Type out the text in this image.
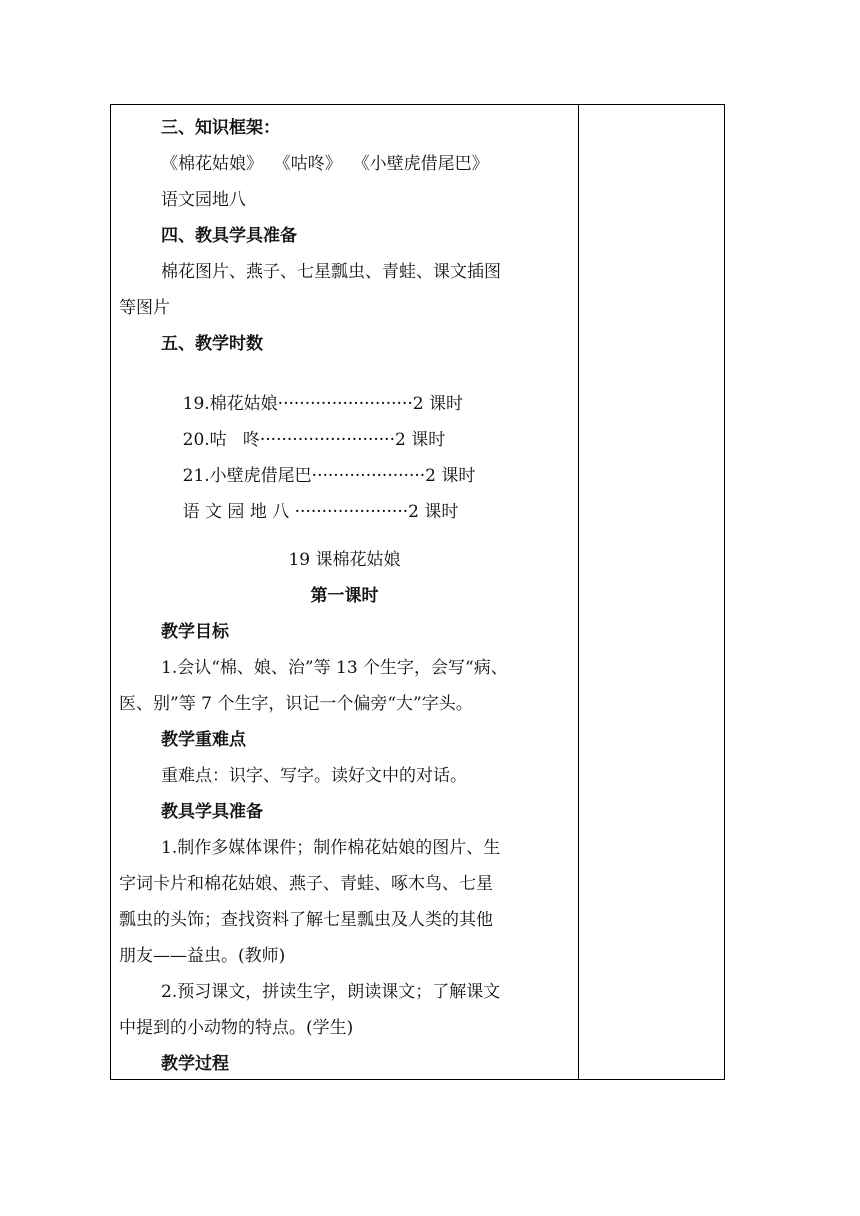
三、知识框架：
《棉花姑娘》  《咕咚》  《小壁虎借尾巴》
语文园地八
四、教具学具准备
棉花图片、燕子、七星瓢虫、青蛙、课文插图
等图片
五、教学时数

19.棉花姑娘·························2 课时

20.咕   咚·························2 课时

21.小壁虎借尾巴·····················2 课时

语 文 园 地 八 ·····················2 课时

19 课棉花姑娘
第一课时
教学目标
1.会认“棉、娘、治”等 13 个生字，会写“病、
医、别”等 7 个生字，识记一个偏旁“大”字头。
教学重难点
重难点：识字、写字。读好文中的对话。
教具学具准备
1.制作多媒体课件；制作棉花姑娘的图片、生
字词卡片和棉花姑娘、燕子、青蛙、啄木鸟、七星
瓢虫的头饰；查找资料了解七星瓢虫及人类的其他
朋友——益虫。(教师)
2.预习课文，拼读生字，朗读课文；了解课文
中提到的小动物的特点。(学生)
教学过程
